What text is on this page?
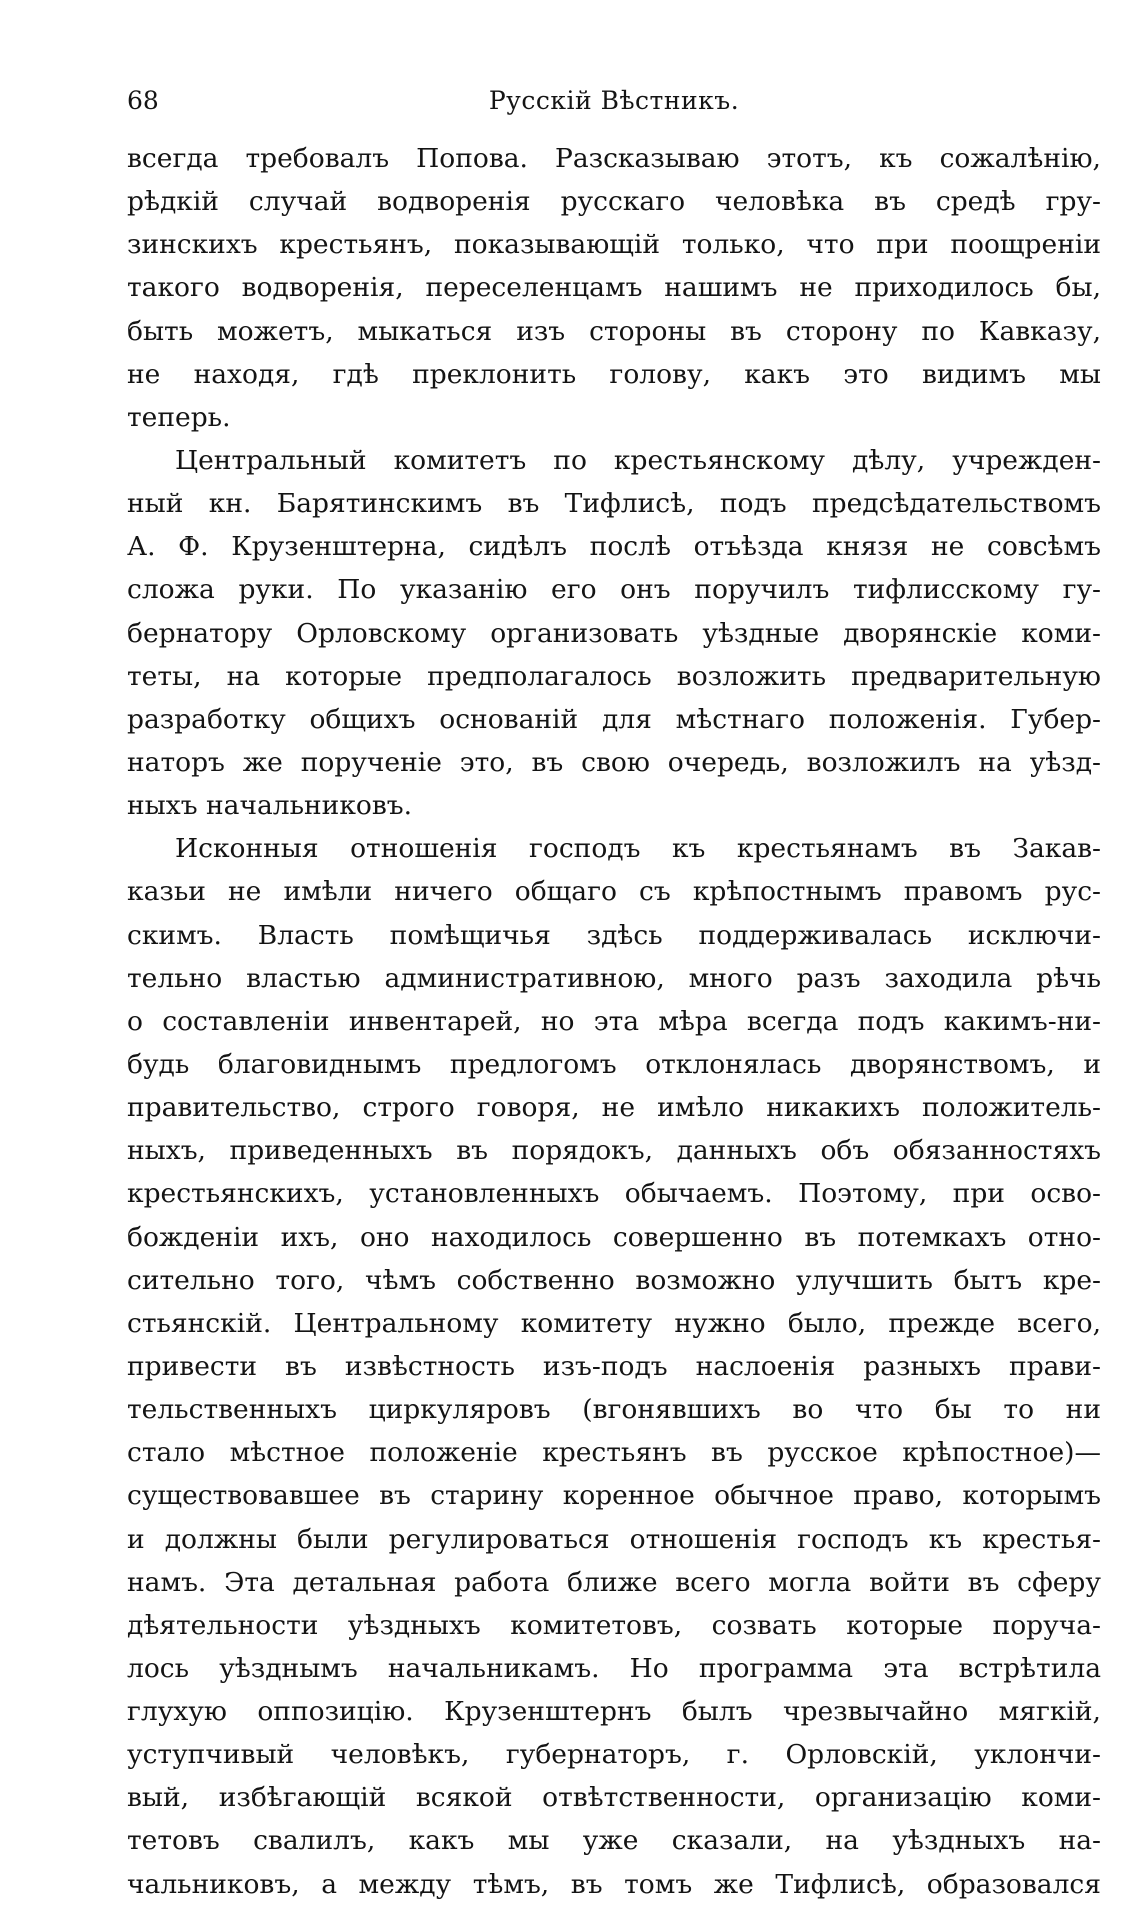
68	Русскій Вѣстникъ.
всегда требовалъ Попова. Разсказываю этотъ, къ сожалѣнію,
рѣдкій случай водворенія русскаго человѣка въ средѣ гру-
зинскихъ крестьянъ, показывающій только, что при поощреніи
такого водворенія, переселенцамъ нашимъ не приходилось бы,
быть можетъ, мыкаться изъ стороны въ сторону по Кавказу,
не находя, гдѣ преклонить голову, какъ это видимъ мы
теперь.
Центральный комитетъ по крестьянскому дѣлу, учрежден-
ный кн. Барятинскимъ въ Тифлисѣ, подъ предсѣдательствомъ
А. Ф. Крузенштерна, сидѣлъ послѣ отъѣзда князя не совсѣмъ
сложа руки. По указанію его онъ поручилъ тифлисскому гу-
бернатору Орловскому организовать уѣздные дворянскіе коми-
теты, на которые предполагалось возложить предварительную
разработку общихъ основаній для мѣстнаго положенія. Губер-
наторъ же порученіе это, въ свою очередь, возложилъ на уѣзд-
ныхъ начальниковъ.
Исконныя отношенія господъ къ крестьянамъ въ Закав-
казьи не имѣли ничего общаго съ крѣпостнымъ правомъ рус-
скимъ. Власть помѣщичья здѣсь поддерживалась исключи-
тельно властью административною, много разъ заходила рѣчь
о составленіи инвентарей, но эта мѣра всегда подъ какимъ-ни-
будь благовиднымъ предлогомъ отклонялась дворянствомъ, и
правительство, строго говоря, не имѣло никакихъ положитель-
ныхъ, приведенныхъ въ порядокъ, данныхъ объ обязанностяхъ
крестьянскихъ, установленныхъ обычаемъ. Поэтому, при осво-
божденіи ихъ, оно находилось совершенно въ потемкахъ отно-
сительно того, чѣмъ собственно возможно улучшить бытъ кре-
стьянскій. Центральному комитету нужно было, прежде всего,
привести въ извѣстность изъ-подъ наслоенія разныхъ прави-
тельственныхъ циркуляровъ (вгонявшихъ во что бы то ни
стало мѣстное положеніе крестьянъ въ русское крѣпостное)—
существовавшее въ старину коренное обычное право, которымъ
и должны были регулироваться отношенія господъ къ крестья-
намъ. Эта детальная работа ближе всего могла войти въ сферу
дѣятельности уѣздныхъ комитетовъ, созвать которые поруча-
лось уѣзднымъ начальникамъ. Но программа эта встрѣтила
глухую оппозицію. Крузенштернъ былъ чрезвычайно мягкій,
уступчивый человѣкъ, губернаторъ, г. Орловскій, уклончи-
вый, избѣгающій всякой отвѣтственности, организацію коми-
тетовъ свалилъ, какъ мы уже сказали, на уѣздныхъ на-
чальниковъ, а между тѣмъ, въ томъ же Тифлисѣ, образовался
